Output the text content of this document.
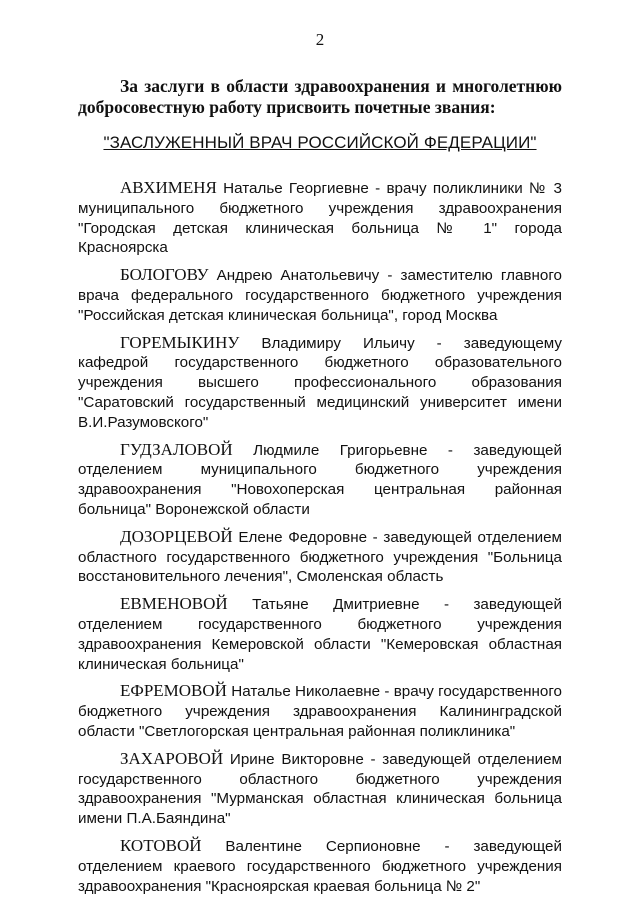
2
За заслуги в области здравоохранения и многолетнюю добросовестную работу присвоить почетные звания:
"ЗАСЛУЖЕННЫЙ ВРАЧ РОССИЙСКОЙ ФЕДЕРАЦИИ"

АВХИМЕНЯ Наталье Георгиевне - врачу поликлиники № 3 муниципального бюджетного учреждения здравоохранения "Городская детская клиническая больница № 1" города Красноярска

БОЛОГОВУ Андрею Анатольевичу - заместителю главного врача федерального государственного бюджетного учреждения "Российская детская клиническая больница", город Москва

ГОРЕМЫКИНУ Владимиру Ильичу - заведующему кафедрой государственного бюджетного образовательного учреждения высшего профессионального образования "Саратовский государственный медицинский университет имени В.И.Разумовского"

ГУДЗАЛОВОЙ Людмиле Григорьевне - заведующей отделением муниципального бюджетного учреждения здравоохранения "Новохоперская центральная районная больница" Воронежской области

ДОЗОРЦЕВОЙ Елене Федоровне - заведующей отделением областного государственного бюджетного учреждения "Больница восстановительного лечения", Смоленская область

ЕВМЕНОВОЙ Татьяне Дмитриевне - заведующей отделением государственного бюджетного учреждения здравоохранения Кемеровской области "Кемеровская областная клиническая больница"

ЕФРЕМОВОЙ Наталье Николаевне - врачу государственного бюджетного учреждения здравоохранения Калининградской области "Светлогорская центральная районная поликлиника"

ЗАХАРОВОЙ Ирине Викторовне - заведующей отделением государственного областного бюджетного учреждения здравоохранения "Мурманская областная клиническая больница имени П.А.Баяндина"

КОТОВОЙ Валентине Серпионовне - заведующей отделением краевого государственного бюджетного учреждения здравоохранения "Красноярская краевая больница № 2"
